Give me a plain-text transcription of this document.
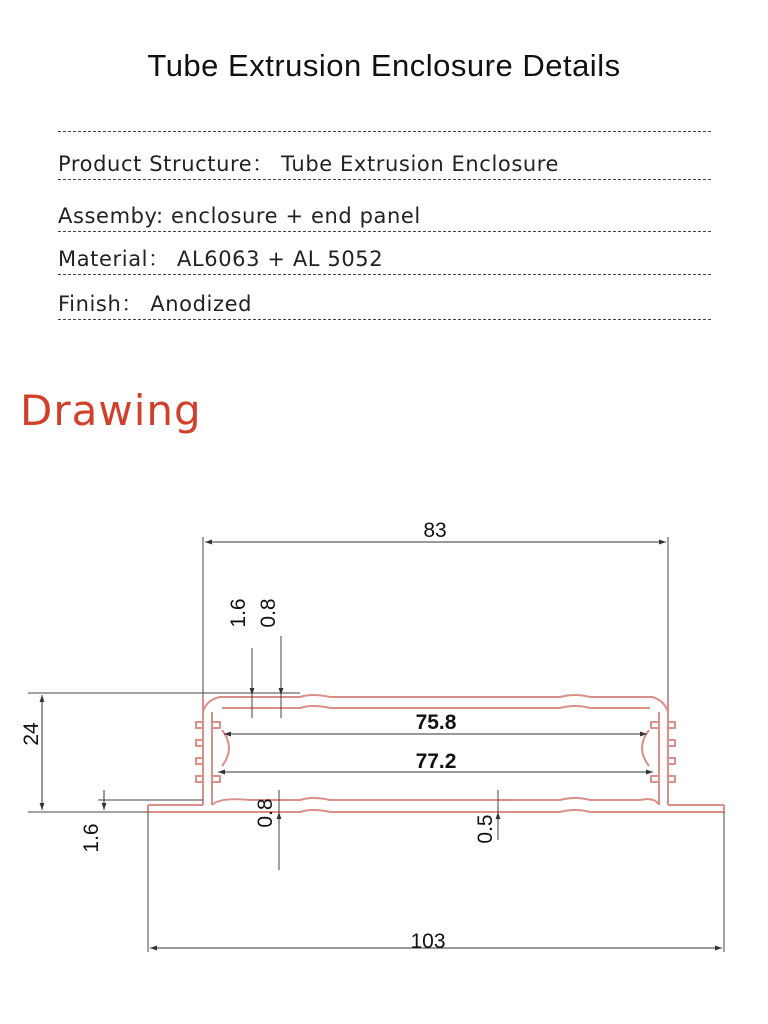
Tube Extrusion Enclosure Details
Product Structure： Tube Extrusion Enclosure
Assemby: enclosure + end panel
Material： AL6063 + AL 5052
Finish： Anodized
Drawing
83
103
75.8
77.2
24
1.6
1.6 0.8
0.8
0.5
